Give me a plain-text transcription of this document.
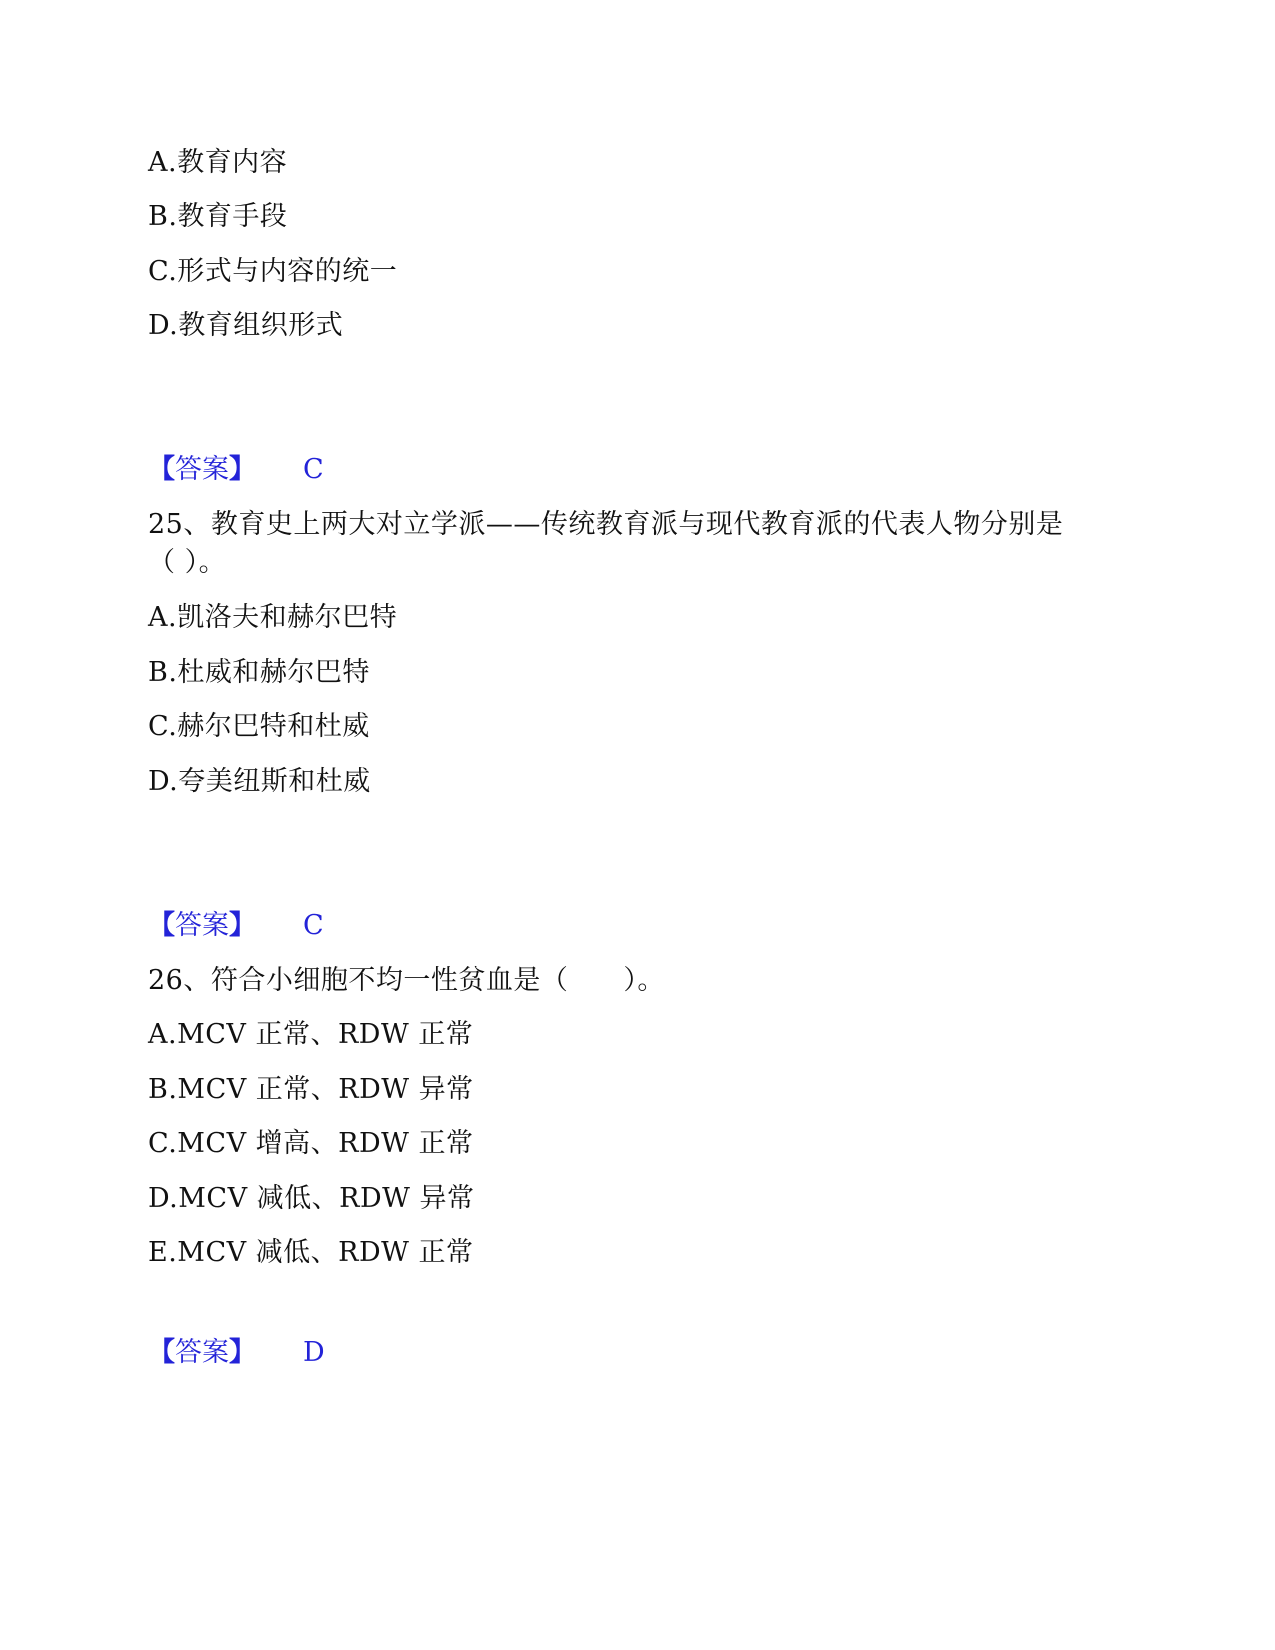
A.教育内容
B.教育手段
C.形式与内容的统一
D.教育组织形式
【答案】 C
25、教育史上两大对立学派——传统教育派与现代教育派的代表人物分别是
（ ）。
A.凯洛夫和赫尔巴特
B.杜威和赫尔巴特
C.赫尔巴特和杜威
D.夸美纽斯和杜威
【答案】 C
26、符合小细胞不均一性贫血是（　　）。
A.MCV 正常、RDW 正常
B.MCV 正常、RDW 异常
C.MCV 增高、RDW 正常
D.MCV 减低、RDW 异常
E.MCV 减低、RDW 正常
【答案】 D
